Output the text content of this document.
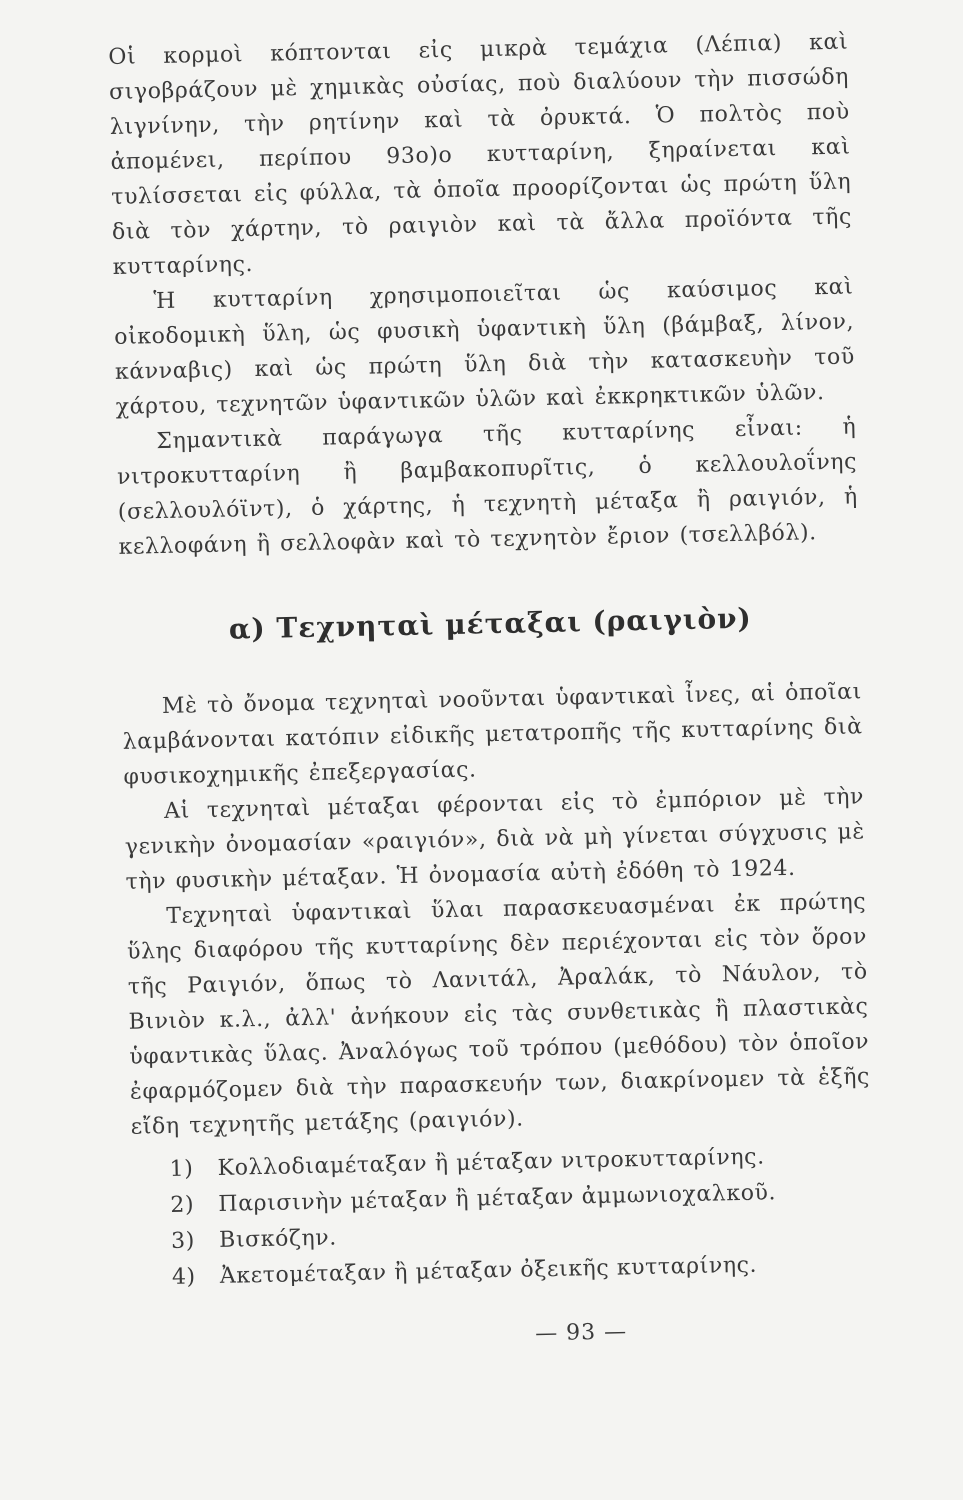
Οἱ κορμοὶ κόπτονται εἰς μικρὰ τεμάχια (Λέπια) καὶ σιγοβράζουν μὲ χημικὰς οὐσίας, ποὺ διαλύουν τὴν πισσώδη λιγνίνην, τὴν ρητίνην καὶ τὰ ὀρυκτά. Ὁ πολτὸς ποὺ ἀπομένει, περίπου 93ο)ο κυτταρίνη, ξηραίνεται καὶ τυλίσσεται εἰς φύλλα, τὰ ὁποῖα προορίζονται ὡς πρώτη ὕλη διὰ τὸν χάρτην, τὸ ραιγιὸν καὶ τὰ ἄλλα προϊόντα τῆς κυτταρίνης.

Ἡ κυτταρίνη χρησιμοποιεῖται ὡς καύσιμος καὶ οἰκοδομικὴ ὕλη, ὡς φυσικὴ ὑφαντικὴ ὕλη (βάμβαξ, λίνον, κάνναβις) καὶ ὡς πρώτη ὕλη διὰ τὴν κατασκευὴν τοῦ χάρτου, τεχνητῶν ὑφαντικῶν ὑλῶν καὶ ἐκκρηκτικῶν ὑλῶν.

Σημαντικὰ παράγωγα τῆς κυτταρίνης εἶναι: ἡ νιτροκυτταρίνη ἢ βαμβακοπυρῖτις, ὁ κελλουλοΐνης (σελλουλόϊντ), ὁ χάρτης, ἡ τεχνητὴ μέταξα ἢ ραιγιόν, ἡ κελλοφάνη ἢ σελλοφὰν καὶ τὸ τεχνητὸν ἔριον (τσελλβόλ).

α) Τεχνηταὶ μέταξαι (ραιγιὸν)

Μὲ τὸ ὄνομα τεχνηταὶ νοοῦνται ὑφαντικαὶ ἶνες, αἱ ὁποῖαι λαμβάνονται κατόπιν εἰδικῆς μετατροπῆς τῆς κυτταρίνης διὰ φυσικοχημικῆς ἐπεξεργασίας.

Αἱ τεχνηταὶ μέταξαι φέρονται εἰς τὸ ἐμπόριον μὲ τὴν γενικὴν ὀνομασίαν «ραιγιόν», διὰ νὰ μὴ γίνεται σύγχυσις μὲ τὴν φυσικὴν μέταξαν. Ἡ ὀνομασία αὐτὴ ἐδόθη τὸ 1924.

Τεχνηταὶ ὑφαντικαὶ ὕλαι παρασκευασμέναι ἐκ πρώτης ὕλης διαφόρου τῆς κυτταρίνης δὲν περιέχονται εἰς τὸν ὅρον τῆς Ραιγιόν, ὅπως τὸ Λανιτάλ, Ἀραλάκ, τὸ Νάυλον, τὸ Βινιὸν κ.λ., ἀλλ' ἀνήκουν εἰς τὰς συνθετικὰς ἢ πλαστικὰς ὑφαντικὰς ὕλας. Ἀναλόγως τοῦ τρόπου (μεθόδου) τὸν ὁποῖον ἐφαρμόζομεν διὰ τὴν παρασκευήν των, διακρίνομεν τὰ ἑξῆς εἴδη τεχνητῆς μετάξης (ραιγιόν).

1) Κολλοδιαμέταξαν ἢ μέταξαν νιτροκυτταρίνης.
2) Παρισινὴν μέταξαν ἢ μέταξαν ἀμμωνιοχαλκοῦ.
3) Βισκόζην.
4) Ἀκετομέταξαν ἢ μέταξαν ὀξεικῆς κυτταρίνης.
— 93 —
